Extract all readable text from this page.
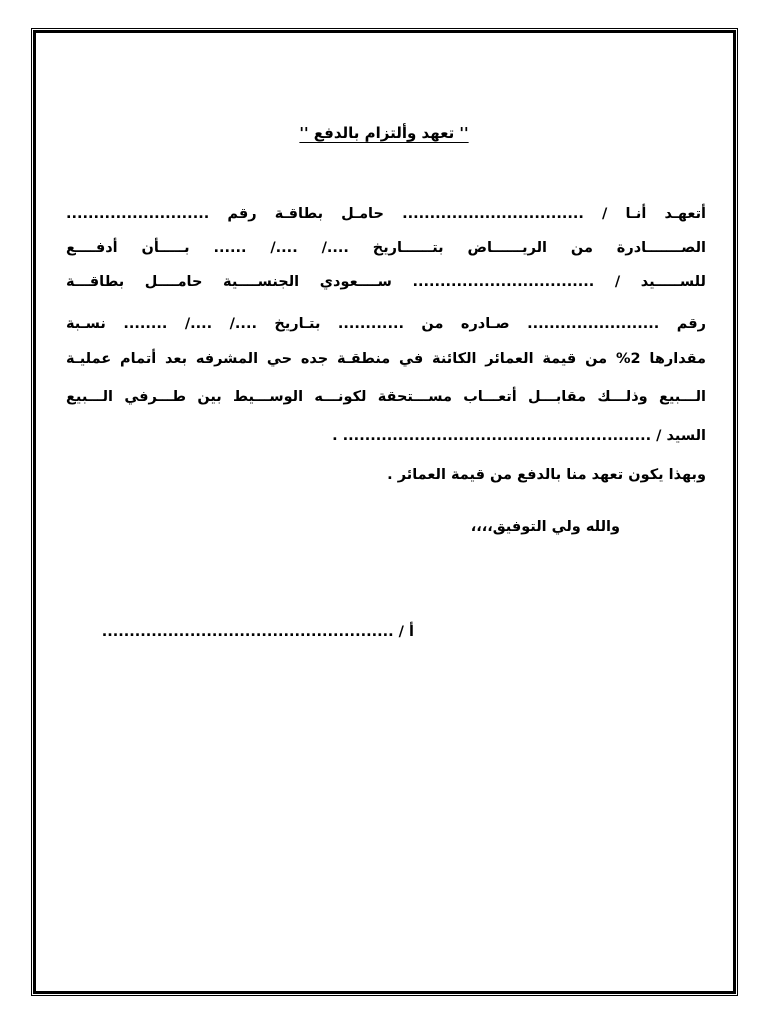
'' تعهد وألتزام بالدفع ''
أتعهـد أنـا / ................................. حامـل بطاقـة رقم ..........................
الصـــــــادرة من الريــــــاض بتــــــاريخ ..../ ..../ ...... بـــــأن أدفــــع
للســـــيد / ................................. ســــعودي الجنســــية حامــــل بطاقـــة
رقم ........................ صـادره من ............ بتـاريخ ..../ ..../ ........ نسـبة
مقدارها 2% من قيمة العمائر الكائنة في منطقـة جده حي المشرفه بعد أتمام عمليـة
الـــبيع وذلـــك مقابـــل أتعـــاب مســـتحقة لكونـــه الوســـيط بين طـــرفي الـــبيع
السيد / ........................................................ .
وبهذا يكون تعهد منا بالدفع من قيمة العمائر .
والله ولي التوفيق،،،،
أ / .....................................................
